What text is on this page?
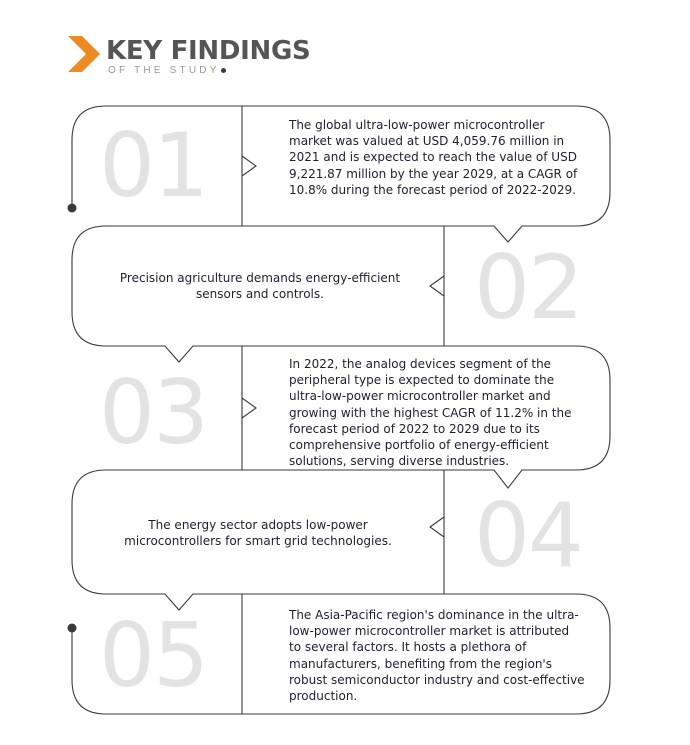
KEY FINDINGS
OF THE STUDY
01
02
03
04
05
The global ultra-low-power microcontroller market was valued at USD 4,059.76 million in 2021 and is expected to reach the value of USD 9,221.87 million by the year 2029, at a CAGR of 10.8% during the forecast period of 2022-2029.
Precision agriculture demands energy-efficient sensors and controls.
In 2022, the analog devices segment of the peripheral type is expected to dominate the ultra-low-power microcontroller market and growing with the highest CAGR of 11.2% in the forecast period of 2022 to 2029 due to its comprehensive portfolio of energy-efficient solutions, serving diverse industries.
The energy sector adopts low-power microcontrollers for smart grid technologies.
The Asia-Pacific region's dominance in the ultra-low-power microcontroller market is attributed to several factors. It hosts a plethora of manufacturers, benefiting from the region's robust semiconductor industry and cost-effective production.
